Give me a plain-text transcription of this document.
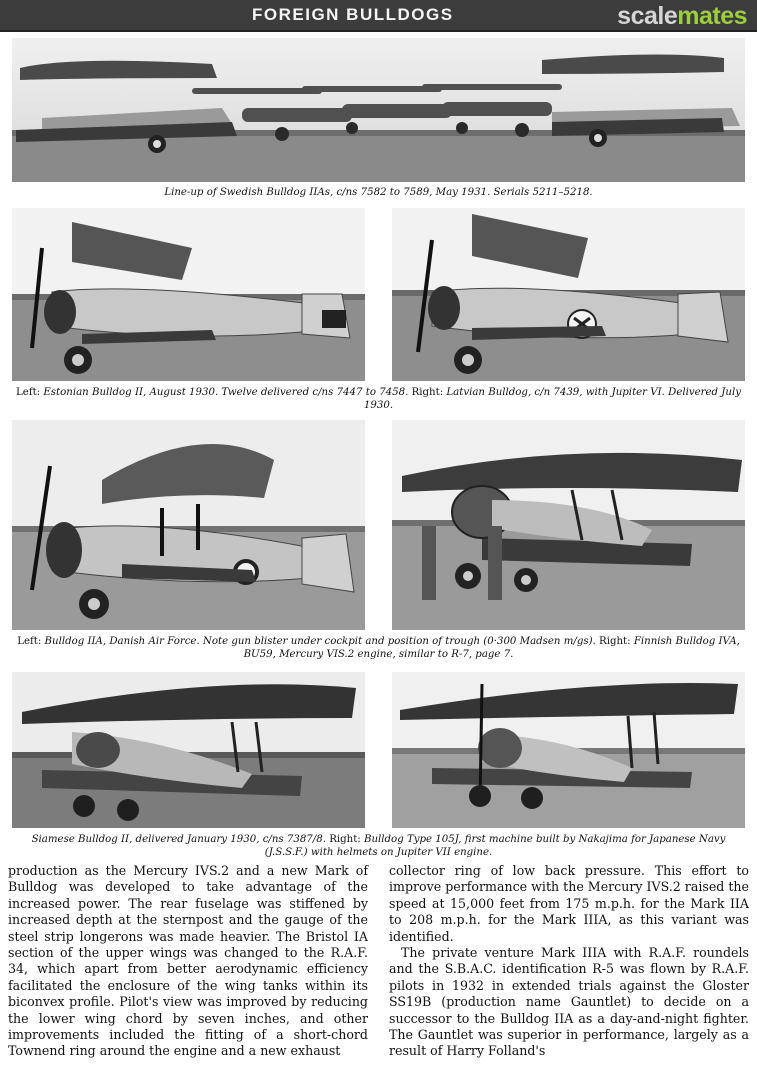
FOREIGN BULLDOGS	scalemates
Line-up of Swedish Bulldog IIAs, c/ns 7582 to 7589, May 1931. Serials 5211–5218.
Left: Estonian Bulldog II, August 1930. Twelve delivered c/ns 7447 to 7458. Right: Latvian Bulldog, c/n 7439, with Jupiter VI. Delivered July 1930.
Left: Bulldog IIA, Danish Air Force. Note gun blister under cockpit and position of trough (0·300 Madsen m/gs). Right: Finnish Bulldog IVA, BU59, Mercury VIS.2 engine, similar to R-7, page 7.
Siamese Bulldog II, delivered January 1930, c/ns 7387/8. Right: Bulldog Type 105J, first machine built by Nakajima for Japanese Navy (J.S.S.F.) with helmets on Jupiter VII engine.

production as the Mercury IVS.2 and a new Mark of Bulldog was developed to take advantage of the increased power. The rear fuselage was stiffened by increased depth at the sternpost and the gauge of the steel strip longerons was made heavier. The Bristol IA section of the upper wings was changed to the R.A.F. 34, which apart from better aerodynamic efficiency facilitated the enclosure of the wing tanks within its biconvex profile. Pilot's view was improved by reducing the lower wing chord by seven inches, and other improvements included the fitting of a short-chord Townend ring around the engine and a new exhaust

collector ring of low back pressure. This effort to improve performance with the Mercury IVS.2 raised the speed at 15,000 feet from 175 m.p.h. for the Mark IIA to 208 m.p.h. for the Mark IIIA, as this variant was identified.

The private venture Mark IIIA with R.A.F. roundels and the S.B.A.C. identification R-5 was flown by R.A.F. pilots in 1932 in extended trials against the Gloster SS19B (production name Gauntlet) to decide on a successor to the Bulldog IIA as a day-and-night fighter. The Gauntlet was superior in performance, largely as a result of Harry Folland's
